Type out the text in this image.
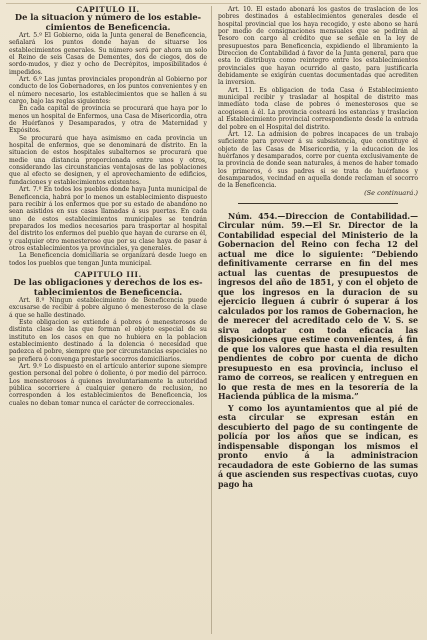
CAPITULO II.

De la situacion y número de los estable-cimientos de Beneficencia.

Art. 5.º El Gobierno, oida la Junta general de Beneficencia, señalará los puntos donde hayan de situarse los establecimientos generales. Su número será por ahora un solo el Reino de seis Casas de Dementes, dos de ciegos, dos de sordo-mudos, y diez y ocho de Decrépitos, imposibilitados é impedidos.

Art. 6.º Las juntas provinciales propondrán al Gobierno por conducto de los Gobernadores, en los puntos convenientes y en el número necesario, los establecimientos que se hallen á su cargo, bajo las reglas siguientes:

En cada capital de provincia se procurará que haya por lo menos un hospital de Enfermos, una Casa de Misericordia, otra de Huérfanos y Desamparados, y otra de Maternidad y Expósitos.

Se procurará que haya asimismo en cada provincia un hospital de enfermos, que se denominará de distrito. En la situacion de estos hospitales subalternos se procurará que medie una distancia proporcionada entre unos y otros, considerando las circunstancias ventajosas de las poblaciones que al efecto se designen, y el aprovechamiento de edificios, fundaciones y establecimientos existentes.

Art. 7.º En todos los pueblos donde haya Junta municipal de Beneficencia, habrá por lo menos un establecimiento dispuesto para recibir á los enfermos que por su estado de abandono no sean asistidos en sus casas llamadas á sus puertas. En cada uno de estos establecimientos municipales se tendrán preparados los medios necesarios para trasportar al hospital del distrito los enfermos del pueblo que hayan de curarse en él, y cualquier otro menesteroso que por su clase haya de pasar á otros establecimientos ya provinciales, ya generales.

La Beneficencia domiciliaria se organizará desde luego en todos los pueblos que tengan Junta municipal.

CAPITULO III.

De las obligaciones y derechos de los es-tablecimientos de Beneficencia.

Art. 8.º Ningun establecimiento de Beneficencia puede excusarse de recibir á pobre alguno ó menesteroso de la clase á que se halle destinado.

Este obligacion se extiende á pobres ó menesterosos de distinta clase de las que forman el objeto especial de su instituto en los casos en que no hubiera en la poblacion establecimiento destinado á la dolencia ó necesidad que padezca el pobre, siempre que por circunstancias especiales no se prefiera ó convenga prestarle socorros domiciliarios.

Art. 9.º Lo dispuesto en el artículo anterior supone siempre gestion personal del pobre ó doliente, ó por medio del párroco. Los menesterosos á quienes involuntariamente la autoridad pública socorriere á cualquier genero de reclusion, no corresponden á los establecimientos de Beneficencia, los cuales no deban tomar nunca el carácter de correccionales.

Art. 10. El estado abonará los gastos de traslacion de los pobres destinados á establecimientos generales desde el hospital provincial que los haya recogido, y este abono se hará por medio de consignaciones mensuales que se pedirán al Tesoro con cargo al crédito que se señale en la ley de presupuestos para Beneficencia, expidiendo el libramiento la Direccion de Contabilidad á favor de la Junta general, para que esta lo distribuya como reintegro entre los establecimientos provinciales que hayan ocurrido al gasto, para justificarla debidamente se exigirán cuentas documentadas que acrediten la inversion.

Art. 11. Es obligacion de toda Casa ó Establecimiento municipal recibir y trasladar al hospital de distrito mas inmediato toda clase de pobres ó menesterosos que se acogiesen á él. La provincia costeará los estancias y traslacion al Establecimiento provincial correspondiente desde la entrada del pobre en el Hospital del distrito.

Art. 12. La admision de pobres incapaces de un trabajo suficiente para proveer á su subsistencia, que constituye el objeto de las Casas de Misericordia, y la educacion de los huérfanos y desamparados, corre por cuenta exclusivamente de la provincia de donde sean naturales, á menos de haber tomado los primeros, ó sus padres si se trata de huérfanos y desamparados, vecindad en aquella donde reclaman el socorro de la Beneficencia.

(Se continuará.)

Núm. 454.—Direccion de Contabilidad.—Circular núm. 59.—El Sr. Director de la Contabilidad especial del Ministerio de la Gobernacion del Reino con fecha 12 del actual me dice lo siguiente: “Debiendo definitivamente cerrarse en fin del mes actual las cuentas de presupuestos de ingresos del año de 1851, y con el objeto de que los ingresos en la duracion de su ejercicio lleguen á cubrir ó superar á los calculados por los ramos de Gobernacion, he de merecer del acreditado celo de V. S. se sirva adoptar con toda eficacia las disposiciones que estime convenientes, á fin de que los valores que hasta el dia resulten pendientes de cobro por cuenta de dicho presupuesto en esa provincia, incluso el ramo de correos, se realicen y entreguen en lo que resta de mes en la tesorería de la Hacienda pública de la misma.”

Y como los ayuntamientos que al pié de esta circular se expresan están en descubierto del pago de su contingente de policía por los años que se indican, es indispensable dispongan los mismos el pronto envio á la administracion recaudadora de este Gobierno de las sumas á que ascienden sus respectivas cuotas, cuyo pago ha
